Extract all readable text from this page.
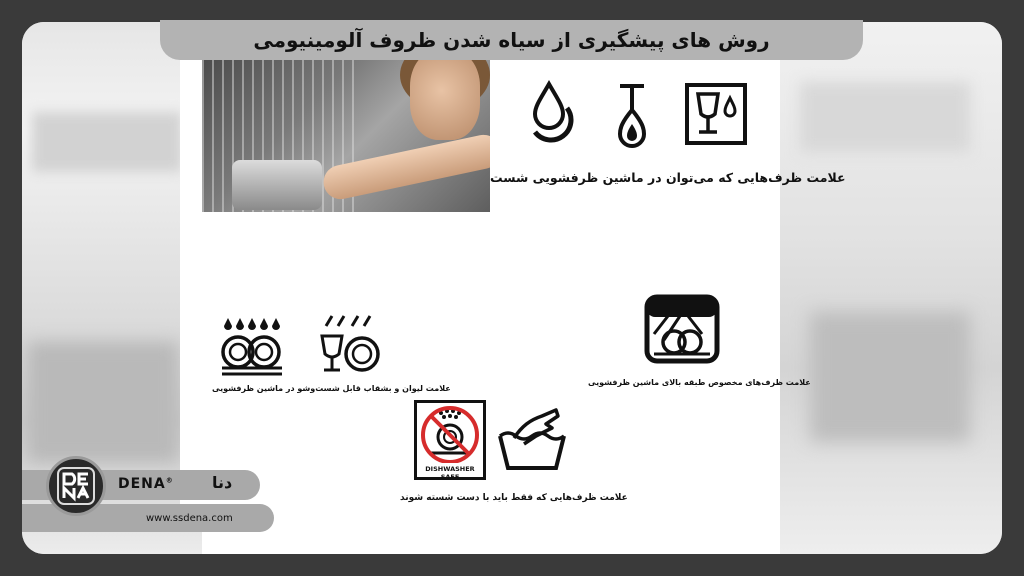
روش های پیشگیری از سیاه شدن ظروف آلومینیومی
علامت ظرف‌هایی که می‌توان در ماشین ظرفشویی شست
علامت لیوان و بشقاب قابل شست‌وشو در ماشین ظرفشویی
علامت ظرف‌های مخصوص طبقه بالای ماشین ظرفشویی
DISHWASHER SAFE
علامت ظرف‌هایی که فقط باید با دست شسته شوند
www.ssdena.com
DENA® دنا
